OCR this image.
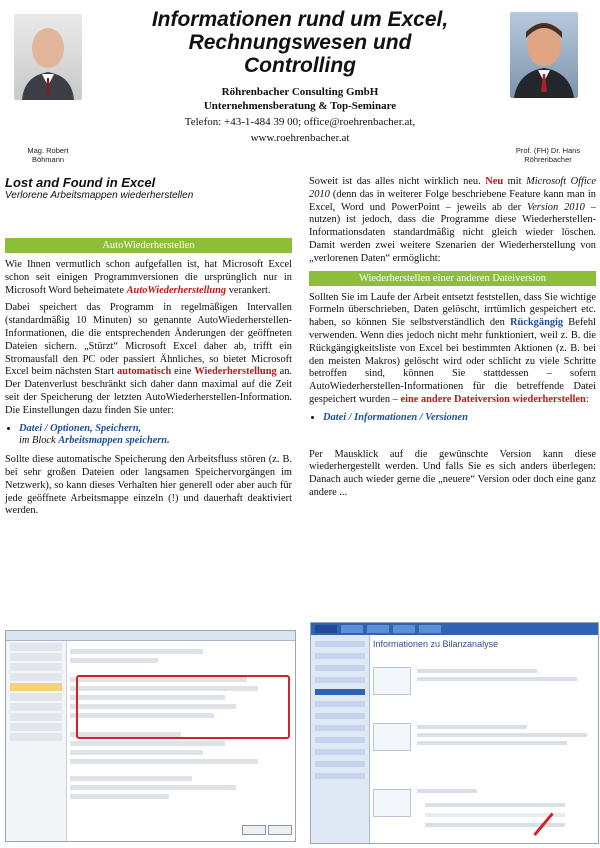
Mag. Robert
Böhmann
Prof. (FH) Dr. Hans
Röhrenbacher
Informationen rund um Excel,
Rechnungswesen und
Controlling
Röhrenbacher Consulting GmbH
Unternehmensberatung & Top-Seminare
Telefon: +43-1-484 39 00; office@roehrenbacher.at,
www.roehrenbacher.at
Lost and Found in Excel
Verlorene Arbeitsmappen wiederherstellen
AutoWiederherstellen

Wie Ihnen vermutlich schon aufgefallen ist, hat Microsoft Excel schon seit einigen Programmversionen die ursprünglich nur in Microsoft Word beheimatete AutoWiederherstellung verankert.

Dabei speichert das Programm in regelmäßigen Intervallen (standardmäßig 10 Minuten) so genannte AutoWiederherstellen-Informationen, die die entsprechenden Änderungen der geöffneten Dateien sichern. „Stürzt“ Microsoft Excel daher ab, trifft ein Stromausfall den PC oder passiert Ähnliches, so bietet Microsoft Excel beim nächsten Start automatisch eine Wiederherstellung an. Der Datenverlust beschränkt sich daher dann maximal auf die Zeit seit der Speicherung der letzten AutoWiederherstellen-Information. Die Einstellungen dazu finden Sie unter:

• Datei / Optionen, Speichern,
im Block Arbeitsmappen speichern.

Sollte diese automatische Speicherung den Arbeitsfluss stören (z. B. bei sehr großen Dateien oder langsamen Speichervorgängen im Netzwerk), so kann dieses Verhalten hier generell oder aber auch für jede geöffnete Arbeitsmappe einzeln (!) und dauerhaft deaktiviert werden.

Soweit ist das alles nicht wirklich neu. Neu mit Microsoft Office 2010 (denn das in weiterer Folge beschriebene Feature kann man in Excel, Word und PowerPoint – jeweils ab der Version 2010 – nutzen) ist jedoch, dass die Programme diese Wiederherstellen-Informationsdaten standardmäßig nicht gleich wieder löschen. Damit werden zwei weitere Szenarien der Wiederherstellung von „verlorenen Daten“ ermöglicht:

Wiederherstellen einer anderen Dateiversion

Sollten Sie im Laufe der Arbeit entsetzt feststellen, dass Sie wichtige Formeln überschrieben, Daten gelöscht, irrtümlich gespeichert etc. haben, so können Sie selbstverständlich den Rückgängig Befehl verwenden. Wenn dies jedoch nicht mehr funktioniert, weil z. B. die Rückgängigkeitsliste von Excel bei bestimmten Aktionen (z. B. bei den meisten Makros) gelöscht wird oder schlicht zu viele Schritte betroffen sind, können Sie stattdessen – sofern AutoWiederherstellen-Informationen für die betreffende Datei gespeichert wurden – eine andere Dateiversion wiederherstellen:

• Datei / Informationen / Versionen

Per Mausklick auf die gewünschte Version kann diese wiederhergestellt werden. Und falls Sie es sich anders überlegen: Danach auch wieder gerne die „neuere“ Version oder doch eine ganz andere ...

Informationen zu Bilanzanalyse
